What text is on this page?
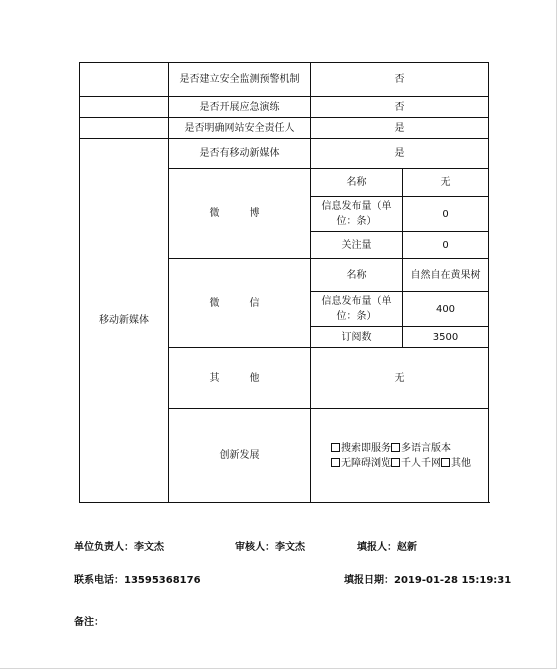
	是否建立安全监测预警机制	否	
	是否开展应急演练	否	
	是否明确网站安全责任人	是	
移动新媒体	是否有移动新媒体	是	
	微　博	名称	无
		信息发布量（单位：条）	0
		关注量	0
	微　信	名称	自然自在黄果树
		信息发布量（单位：条）	400
		订阅数	3500
	其　他	无	
	创新发展	搜索即服务 多语言版本无障碍浏览 千人千网 其他	
单位负责人：李文杰	审核人：李文杰	填报人：赵新
联系电话：13595368176	填报日期：2019-01-28 15:19:31
备注：
